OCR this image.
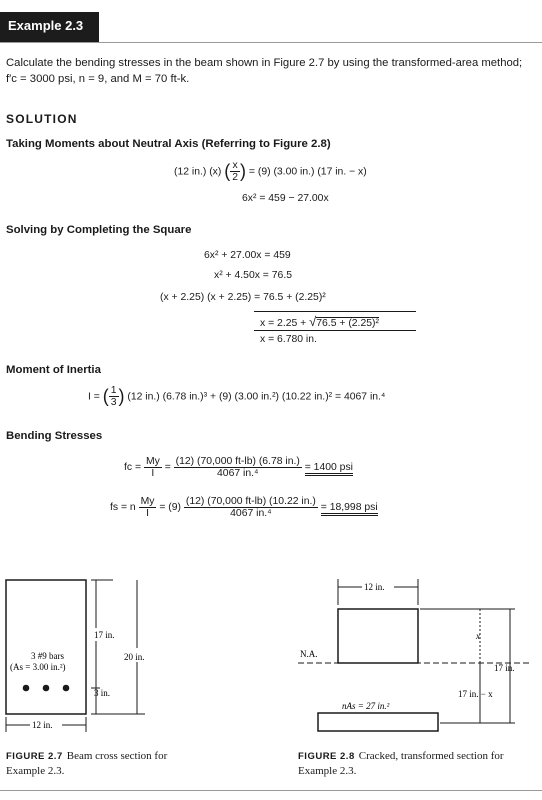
Example 2.3
Calculate the bending stresses in the beam shown in Figure 2.7 by using the transformed-area method;
f′c = 3000 psi, n = 9, and M = 70 ft-k.
SOLUTION
Taking Moments about Neutral Axis (Referring to Figure 2.8)
(12 in.) (x) ( $\frac{x}{2}$ ) = (9) (3.00 in.) (17 in. − x)
6x² = 459 − 27.00x
Solving by Completing the Square
6x² + 27.00x = 459
x² + 4.50x = 76.5
(x + 2.25) (x + 2.25) = 76.5 + (2.25)²
x = 2.25 + √76.5 + (2.25)²
x = 6.780 in.
Moment of Inertia
I = ( $\frac{1}{3}$ ) (12 in.) (6.78 in.)³ + (9) (3.00 in.²) (10.22 in.)² = 4067 in.⁴
Bending Stresses
fc = $\frac{My}{I} = \frac{(12) (70,000 ft-lb) (6.78 in.)}{\text{4067 in.⁴}} = 1400$ psi
fs = n $\frac{My}{I} = (9) \frac{(12) (70,000 ft-lb) (10.22 in.)}{\text{4067 in.⁴}} = 18,998$ psi
3 #9 bars
(As = 3.00 in.²)
17 in.
3 in.
20 in.
12 in.
FIGURE 2.7 Beam cross section for Example 2.3.
12 in.
N.A.
x
17 in. − x
17 in.
nAs = 27 in.²
FIGURE 2.8 Cracked, transformed section for Example 2.3.
